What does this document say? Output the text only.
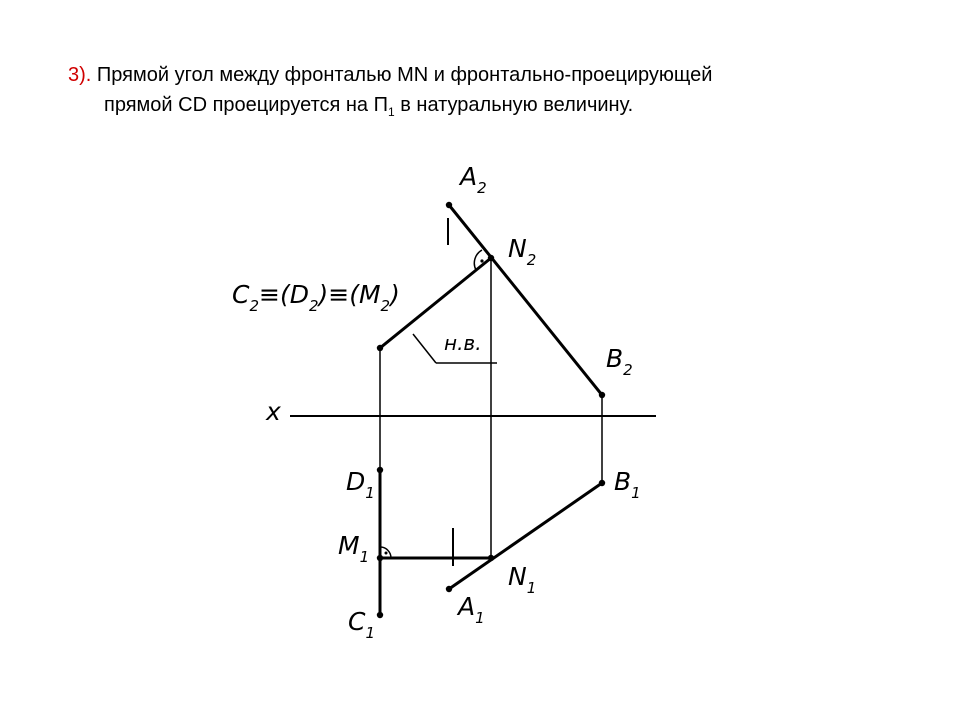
3). Прямой угол между фронталью MN и фронтально-проецирующей
прямой CD проецируется на $П_1$ в натуральную величину.
$A_2$
$N_2$
$B_2$
$C_2\equiv(D_2)\equiv(M_2)$
н.в.
x
$D_1$	$B_1$
$M_1$
$N_1$
$A_1$
$C_1$
